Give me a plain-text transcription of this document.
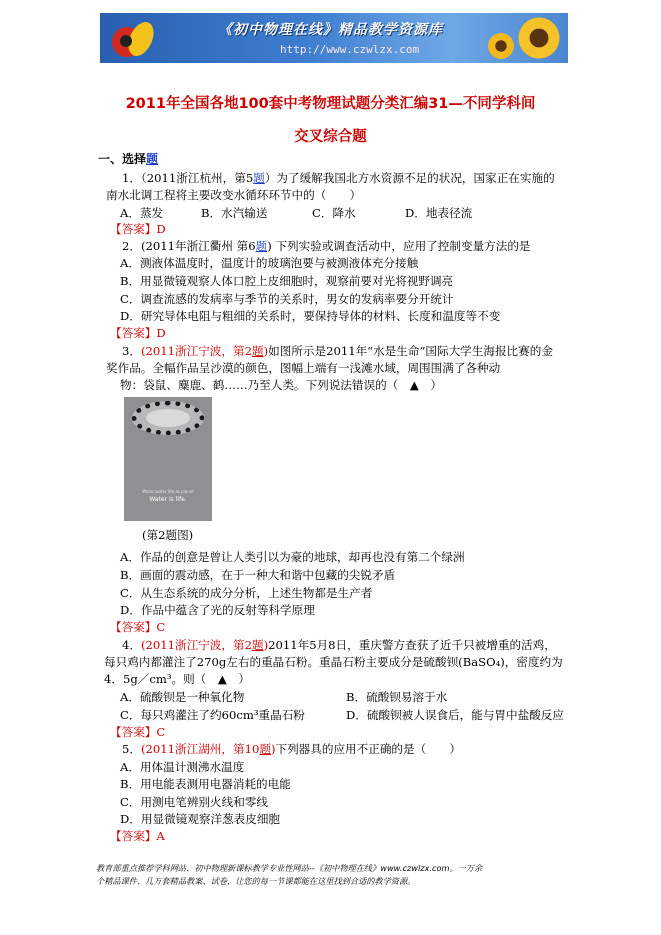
《初中物理在线》精品教学资源库
http://www.czwlzx.com
2011年全国各地100套中考物理试题分类汇编31—不同学科间
交叉综合题
一、选择题
1．（2011浙江杭州，第5题）为了缓解我国北方水资源不足的状况，国家正在实施的
南水北调工程将主要改变水循环环节中的（　　）
A．蒸发	B．水汽输送	C．降水	D．地表径流
【答案】D
2．(2011年浙江衢州 第6题) 下列实验或调查活动中，应用了控制变量方法的是
A．测液体温度时，温度计的玻璃泡要与被测液体充分接触
B．用显微镜观察人体口腔上皮细胞时，观察前要对光将视野调亮
C．调查流感的发病率与季节的关系时，男女的发病率要分开统计
D．研究导体电阻与粗细的关系时，要保持导体的材料、长度和温度等不变
【答案】D
3．(2011浙江宁波，第2题)如图所示是2011年“水是生命”国际大学生海报比赛的金
奖作品。全幅作品呈沙漠的颜色，图幅上端有一浅滩水域，周围围满了各种动
物：袋鼠、麋鹿、鹤……乃至人类。下列说法错误的（　▲　）
Water water life as planet
Water is life.
(第2题图)
A．作品的创意是曾让人类引以为豪的地球，却再也没有第二个绿洲
B．画面的震动感，在于一种大和谐中包藏的尖锐矛盾
C．从生态系统的成分分析，上述生物都是生产者
D．作品中蕴含了光的反射等科学原理
【答案】C
4．(2011浙江宁波，第2题)2011年5月8日，重庆警方查获了近千只被增重的活鸡，
每只鸡内都灌注了270g左右的重晶石粉。重晶石粉主要成分是硫酸钡(BaSO₄)，密度约为
4．5g／cm³。则（　▲　）
A．硫酸钡是一种氧化物	B．硫酸钡易溶于水
C．每只鸡灌注了约60cm³重晶石粉	D．硫酸钡被人误食后，能与胃中盐酸反应
【答案】C
5．(2011浙江湖州，第10题)下列器具的应用不正确的是（　　）
A．用体温计测沸水温度
B．用电能表测用电器消耗的电能
C．用测电笔辨别火线和零线
D．用显微镜观察洋葱表皮细胞
【答案】A
教育部重点推荐学科网站、初中物理新课标教学专业性网站--《初中物理在线》www.czwlzx.com。一万余
个精品课件、几万套精品教案、试卷，让您的每一节课都能在这里找到合适的教学资源。
